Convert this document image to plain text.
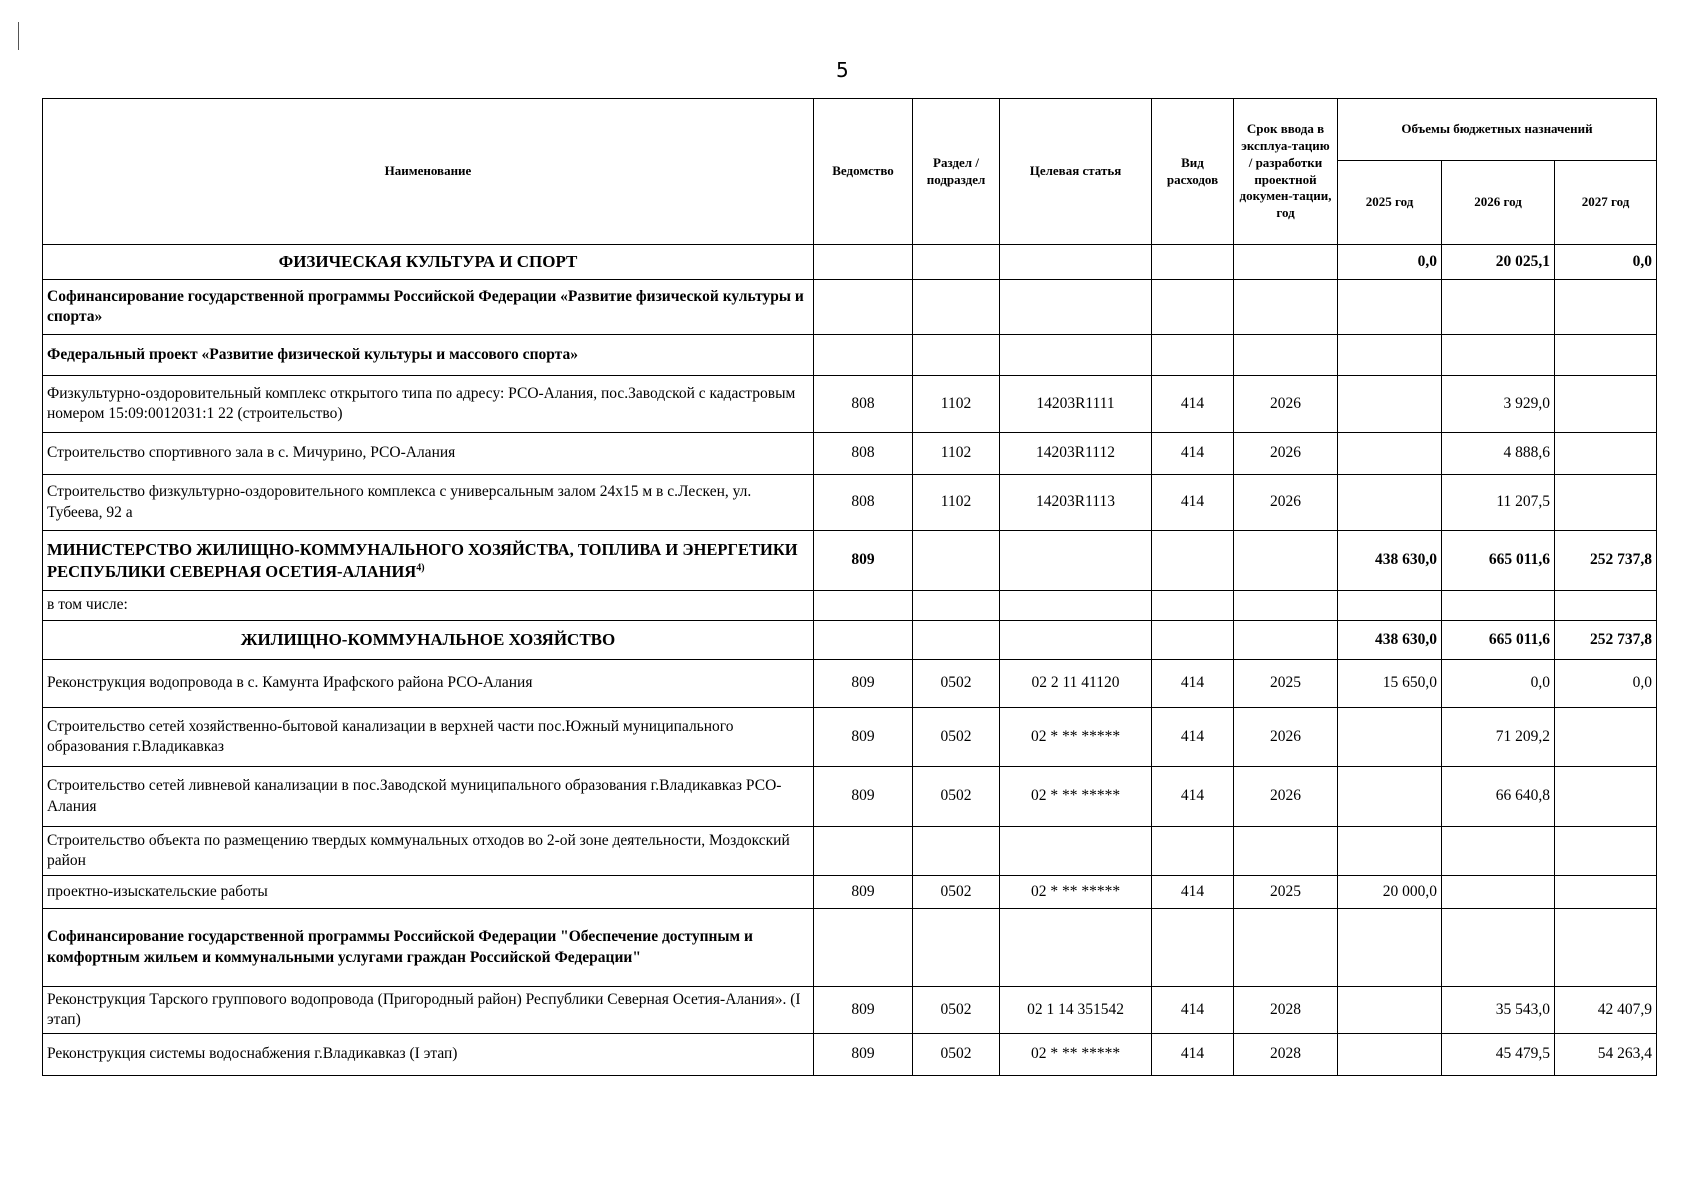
5
Наименование	Ведомство	Раздел / подраздел	Целевая статья	Вид расходов	Срок ввода в эксплуа-тацию / разработки проектной докумен-тации, год	Объемы бюджетных назначений		
						2025 год	2026 год	2027 год
ФИЗИЧЕСКАЯ КУЛЬТУРА И СПОРТ						0,0	20 025,1	0,0
Софинансирование государственной программы Российской Федерации «Развитие физической культуры и спорта»								
Федеральный проект «Развитие физической культуры и массового спорта»								
Физкультурно-оздоровительный комплекс открытого типа по адресу: РСО-Алания, пос.Заводской с кадастровым номером 15:09:0012031:1 22 (строительство)	808	1102	14203R1111	414	2026		3 929,0	
Строительство спортивного зала в с. Мичурино, РСО-Алания	808	1102	14203R1112	414	2026		4 888,6	
Строительство физкультурно-оздоровительного комплекса с универсальным залом 24х15 м в с.Лескен, ул. Тубеева, 92 а	808	1102	14203R1113	414	2026		11 207,5	
МИНИСТЕРСТВО ЖИЛИЩНО-КОММУНАЛЬНОГО ХОЗЯЙСТВА, ТОПЛИВА И ЭНЕРГЕТИКИ РЕСПУБЛИКИ СЕВЕРНАЯ ОСЕТИЯ-АЛАНИЯ$^{4)}$	809					438 630,0	665 011,6	252 737,8
в том числе:								
ЖИЛИЩНО-КОММУНАЛЬНОЕ ХОЗЯЙСТВО						438 630,0	665 011,6	252 737,8
Реконструкция водопровода в с. Камунта Ирафского района РСО-Алания	809	0502	02 2 11 41120	414	2025	15 650,0	0,0	0,0
Строительство сетей хозяйственно-бытовой канализации в верхней части пос.Южный муниципального образования г.Владикавказ	809	0502	02 * ** *****	414	2026		71 209,2	
Строительство сетей ливневой канализации в пос.Заводской муниципального образования г.Владикавказ РСО-Алания	809	0502	02 * ** *****	414	2026		66 640,8	
Строительство объекта по размещению твердых коммунальных отходов во 2-ой зоне деятельности, Моздокский район								
проектно-изыскательские работы	809	0502	02 * ** *****	414	2025	20 000,0		
Софинансирование государственной программы Российской Федерации "Обеспечение доступным и комфортным жильем и коммунальными услугами граждан Российской Федерации"								
Реконструкция Тарского группового водопровода (Пригородный район) Республики Северная Осетия-Алания». (I этап)	809	0502	02 1 14 351542	414	2028		35 543,0	42 407,9
Реконструкция системы водоснабжения г.Владикавказ (I этап)	809	0502	02 * ** *****	414	2028		45 479,5	54 263,4
